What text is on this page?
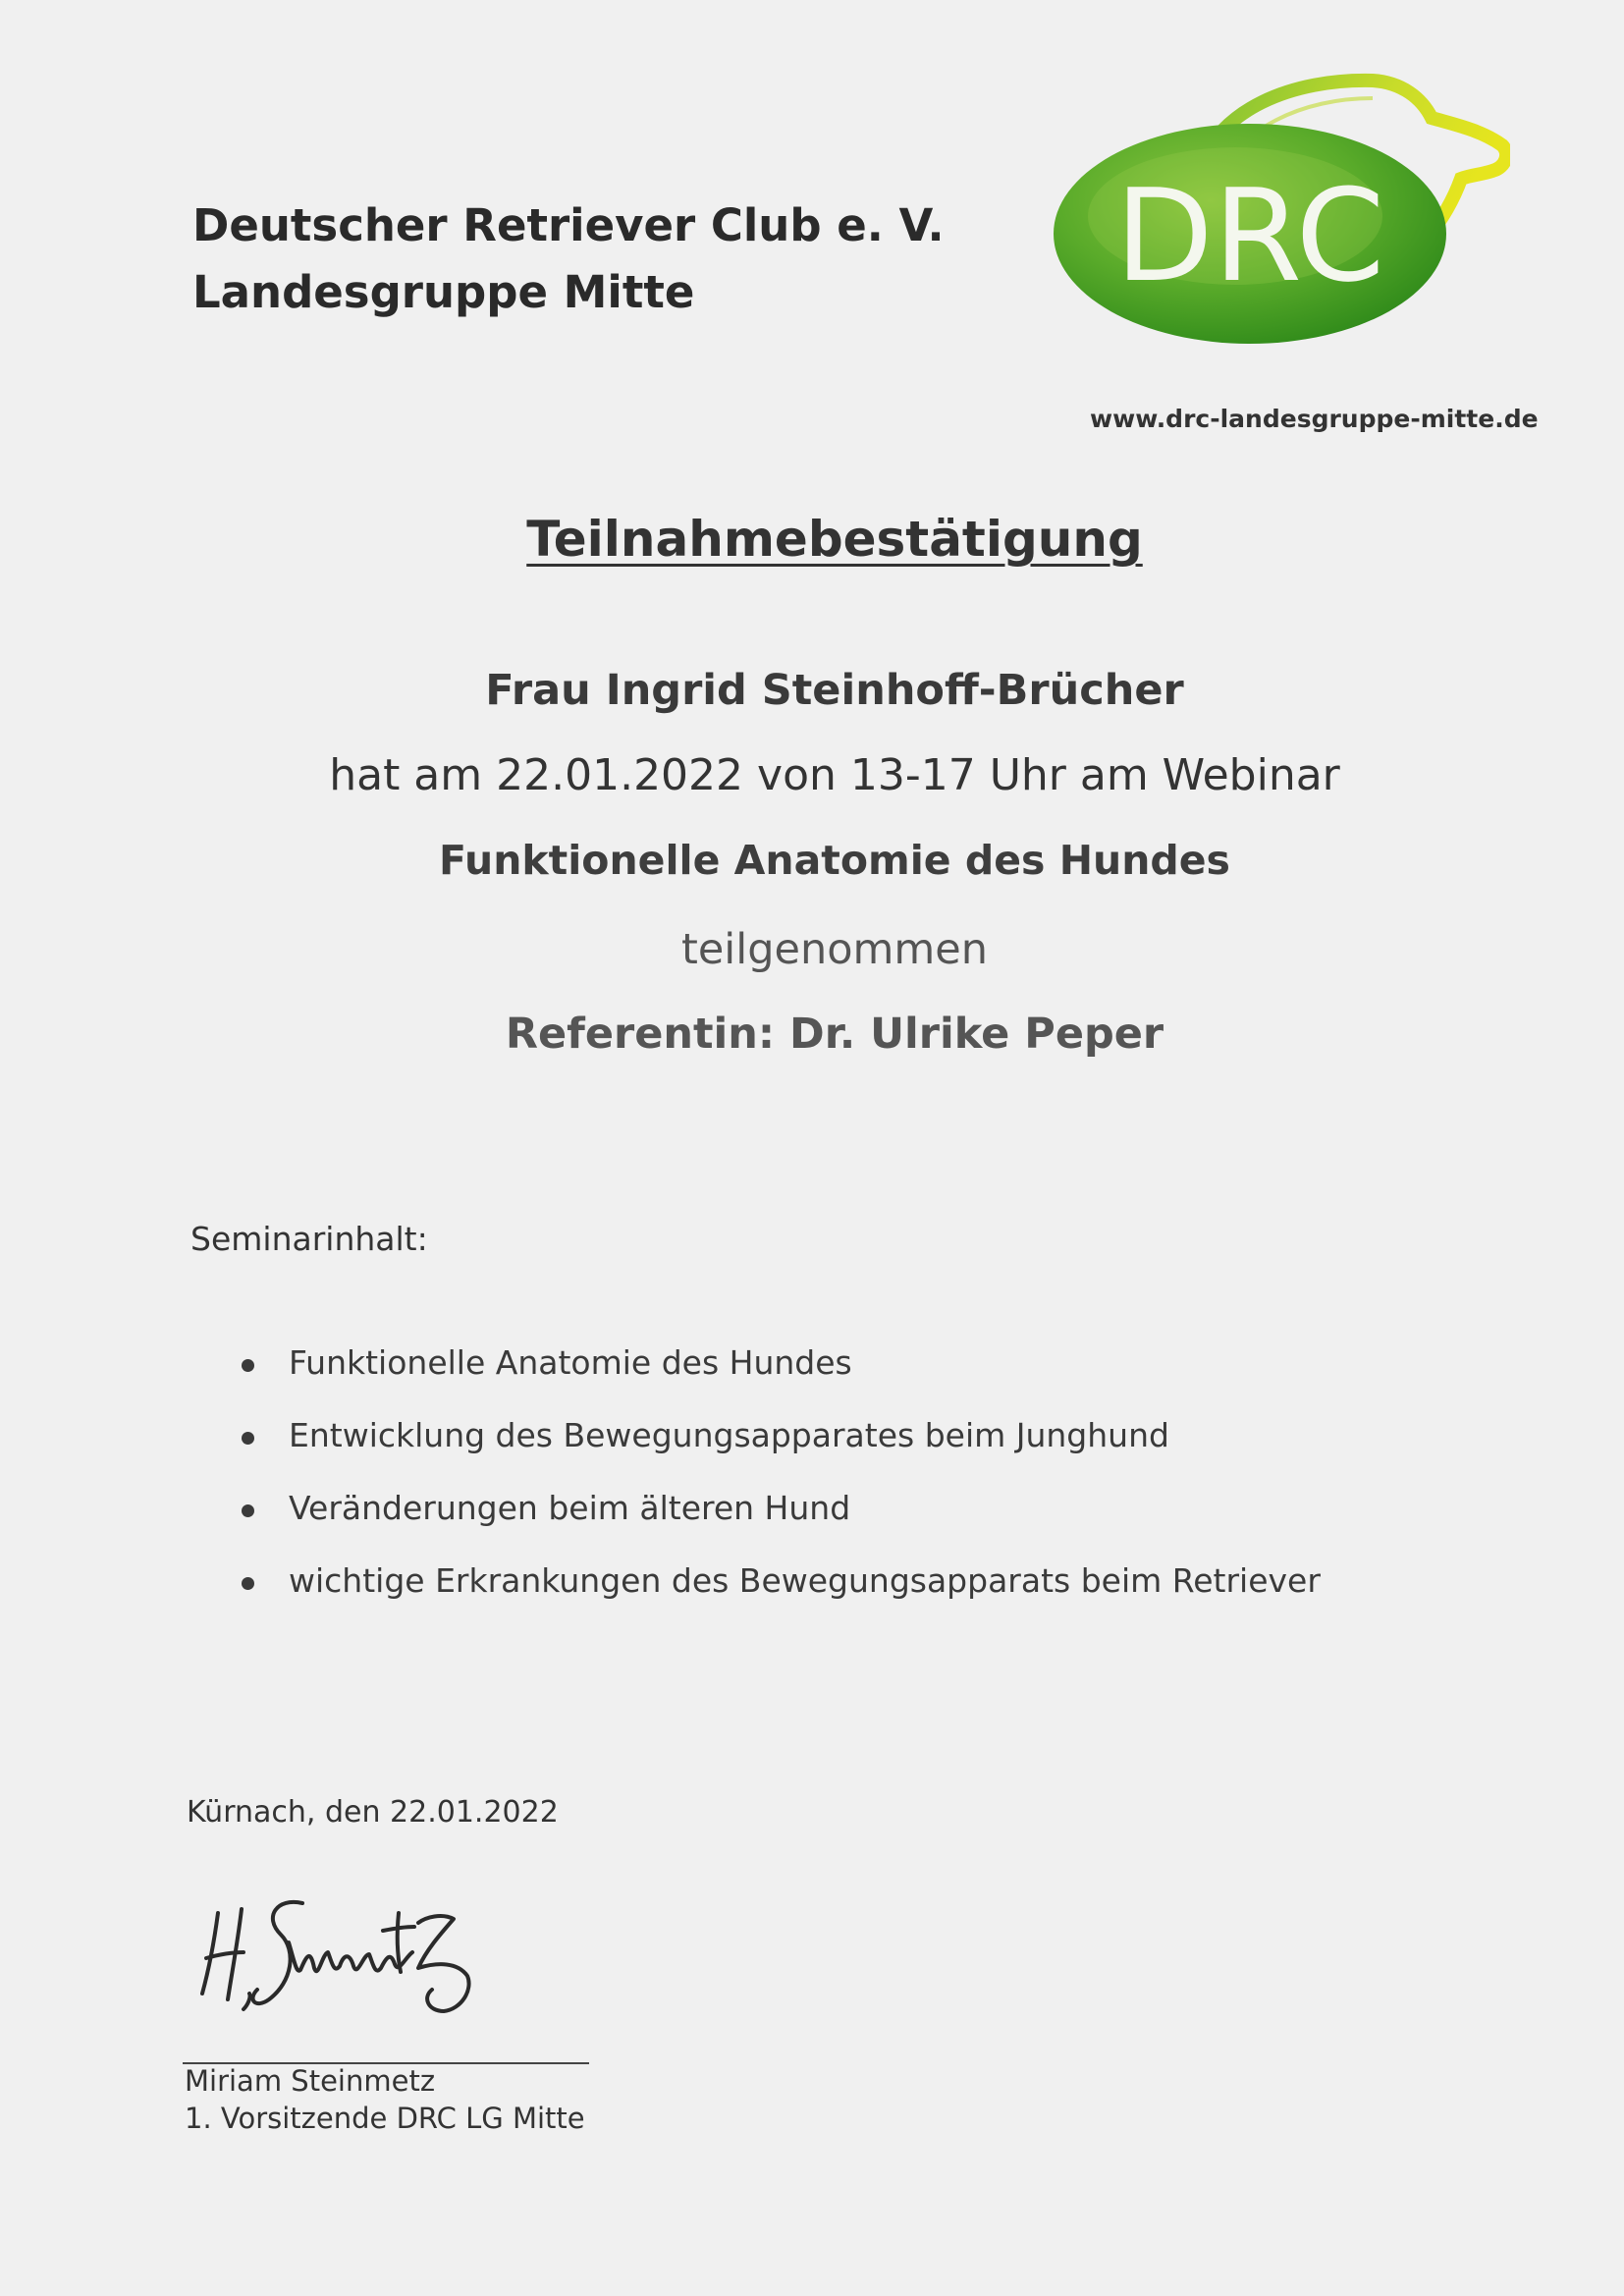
Deutscher Retriever Club e. V.
Landesgruppe Mitte	DRC
www.drc-landesgruppe-mitte.de
Teilnahmebestätigung
Frau Ingrid Steinhoff-Brücher
hat am 22.01.2022 von 13-17 Uhr am Webinar
Funktionelle Anatomie des Hundes
teilgenommen
Referentin: Dr. Ulrike Peper
Seminarinhalt:
Funktionelle Anatomie des Hundes
Entwicklung des Bewegungsapparates beim Junghund
Veränderungen beim älteren Hund
wichtige Erkrankungen des Bewegungsapparats beim Retriever
Kürnach, den 22.01.2022
Miriam Steinmetz
1. Vorsitzende DRC LG Mitte
